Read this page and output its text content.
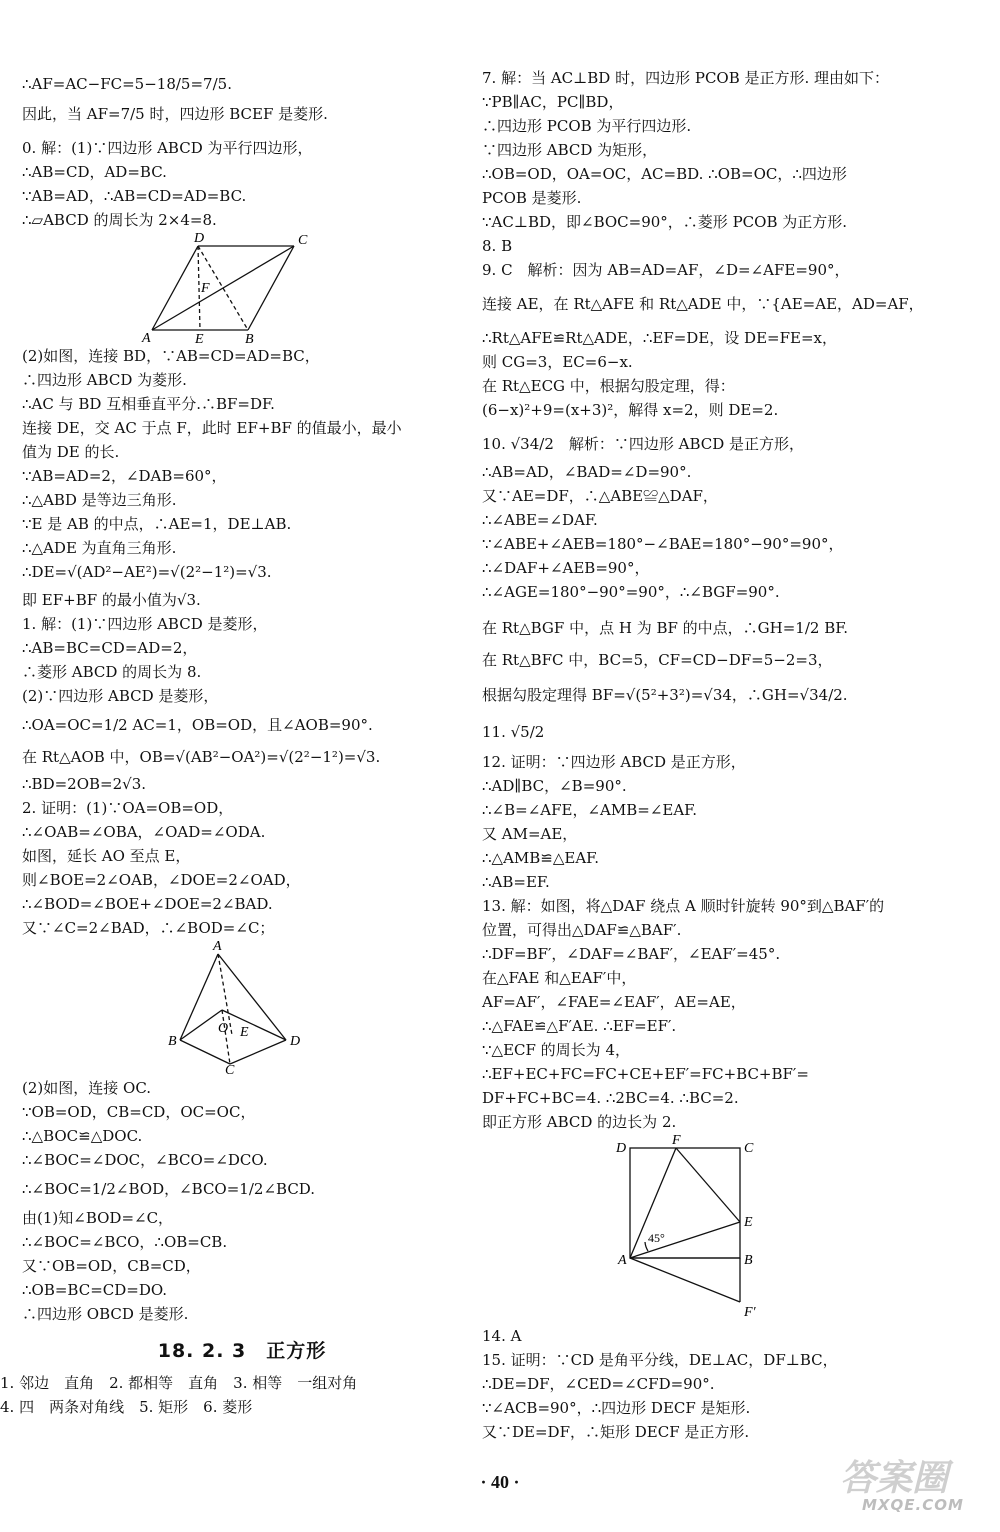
∴AF=AC−FC=5−18/5=7/5.
因此，当 AF=7/5 时，四边形 BCEF 是菱形.
0. 解：(1)∵四边形 ABCD 为平行四边形，
∴AB=CD，AD=BC.
∵AB=AD，∴AB=CD=AD=BC.
∴▱ABCD 的周长为 2×4=8.
D	C
F
A	E	B
(2)如图，连接 BD，∵AB=CD=AD=BC，
∴四边形 ABCD 为菱形.
∴AC 与 BD 互相垂直平分.∴BF=DF.
连接 DE，交 AC 于点 F，此时 EF+BF 的值最小，最小
值为 DE 的长.
∵AB=AD=2，∠DAB=60°，
∴△ABD 是等边三角形.
∵E 是 AB 的中点，∴AE=1，DE⊥AB.
∴△ADE 为直角三角形.
∴DE=√(AD²−AE²)=√(2²−1²)=√3.
即 EF+BF 的最小值为√3.
1. 解：(1)∵四边形 ABCD 是菱形，
∴AB=BC=CD=AD=2，
∴菱形 ABCD 的周长为 8.
(2)∵四边形 ABCD 是菱形，
∴OA=OC=1/2 AC=1，OB=OD，且∠AOB=90°.
在 Rt△AOB 中，OB=√(AB²−OA²)=√(2²−1²)=√3.
∴BD=2OB=2√3.
2. 证明：(1)∵OA=OB=OD，
∴∠OAB=∠OBA，∠OAD=∠ODA.
如图，延长 AO 至点 E，
则∠BOE=2∠OAB，∠DOE=2∠OAD，
∴∠BOD=∠BOE+∠DOE=2∠BAD.
又∵∠C=2∠BAD，∴∠BOD=∠C；
A
B
O E
D
C
(2)如图，连接 OC.
∵OB=OD，CB=CD，OC=OC，
∴△BOC≌△DOC.
∴∠BOC=∠DOC，∠BCO=∠DCO.
∴∠BOC=1/2∠BOD，∠BCO=1/2∠BCD.
由(1)知∠BOD=∠C，
∴∠BOC=∠BCO，∴OB=CB.
又∵OB=OD，CB=CD，
∴OB=BC=CD=DO.
∴四边形 OBCD 是菱形.
18. 2. 3　正方形
1. 邻边　直角　2. 都相等　直角　3. 相等　一组对角
4. 四　两条对角线　5. 矩形　6. 菱形
7. 解：当 AC⊥BD 时，四边形 PCOB 是正方形. 理由如下：
∵PB∥AC，PC∥BD，
∴四边形 PCOB 为平行四边形.
∵四边形 ABCD 为矩形，
∴OB=OD，OA=OC，AC=BD. ∴OB=OC，∴四边形
PCOB 是菱形.
∵AC⊥BD，即∠BOC=90°，∴菱形 PCOB 为正方形.
8. B
9. C　解析：因为 AB=AD=AF，∠D=∠AFE=90°，
连接 AE，在 Rt△AFE 和 Rt△ADE 中，∵{AE=AE，AD=AF，
∴Rt△AFE≌Rt△ADE，∴EF=DE，设 DE=FE=x，
则 CG=3，EC=6−x.
在 Rt△ECG 中，根据勾股定理，得：
(6−x)²+9=(x+3)²，解得 x=2，则 DE=2.
10. √34/2　解析：∵四边形 ABCD 是正方形，
∴AB=AD，∠BAD=∠D=90°.
又∵AE=DF，∴△ABE≌△DAF，
∴∠ABE=∠DAF.
∵∠ABE+∠AEB=180°−∠BAE=180°−90°=90°，
∴∠DAF+∠AEB=90°，
∴∠AGE=180°−90°=90°，∴∠BGF=90°.
在 Rt△BGF 中，点 H 为 BF 的中点，∴GH=1/2 BF.
在 Rt△BFC 中，BC=5，CF=CD−DF=5−2=3，
根据勾股定理得 BF=√(5²+3²)=√34，∴GH=√34/2.
11. √5/2
12. 证明：∵四边形 ABCD 是正方形，
∴AD∥BC，∠B=90°.
∴∠B=∠AFE，∠AMB=∠EAF.
又 AM=AE，
∴△AMB≌△EAF.
∴AB=EF.
13. 解：如图，将△DAF 绕点 A 顺时针旋转 90°到△BAF′的
位置，可得出△DAF≌△BAF′.
∴DF=BF′，∠DAF=∠BAF′，∠EAF′=45°.
在△FAE 和△EAF′中，
AF=AF′，∠FAE=∠EAF′，AE=AE，
∴△FAE≌△F′AE. ∴EF=EF′.
∵△ECF 的周长为 4，
∴EF+EC+FC=FC+CE+EF′=FC+BC+BF′=
DF+FC+BC=4. ∴2BC=4. ∴BC=2.
即正方形 ABCD 的边长为 2.
D
F
C
E
45°
A	B
F′
14. A
15. 证明：∵CD 是角平分线，DE⊥AC，DF⊥BC，
∴DE=DF，∠CED=∠CFD=90°.
∵∠ACB=90°，∴四边形 DECF 是矩形.
又∵DE=DF，∴矩形 DECF 是正方形.
· 40 ·	答案圈
MXQE.COM
